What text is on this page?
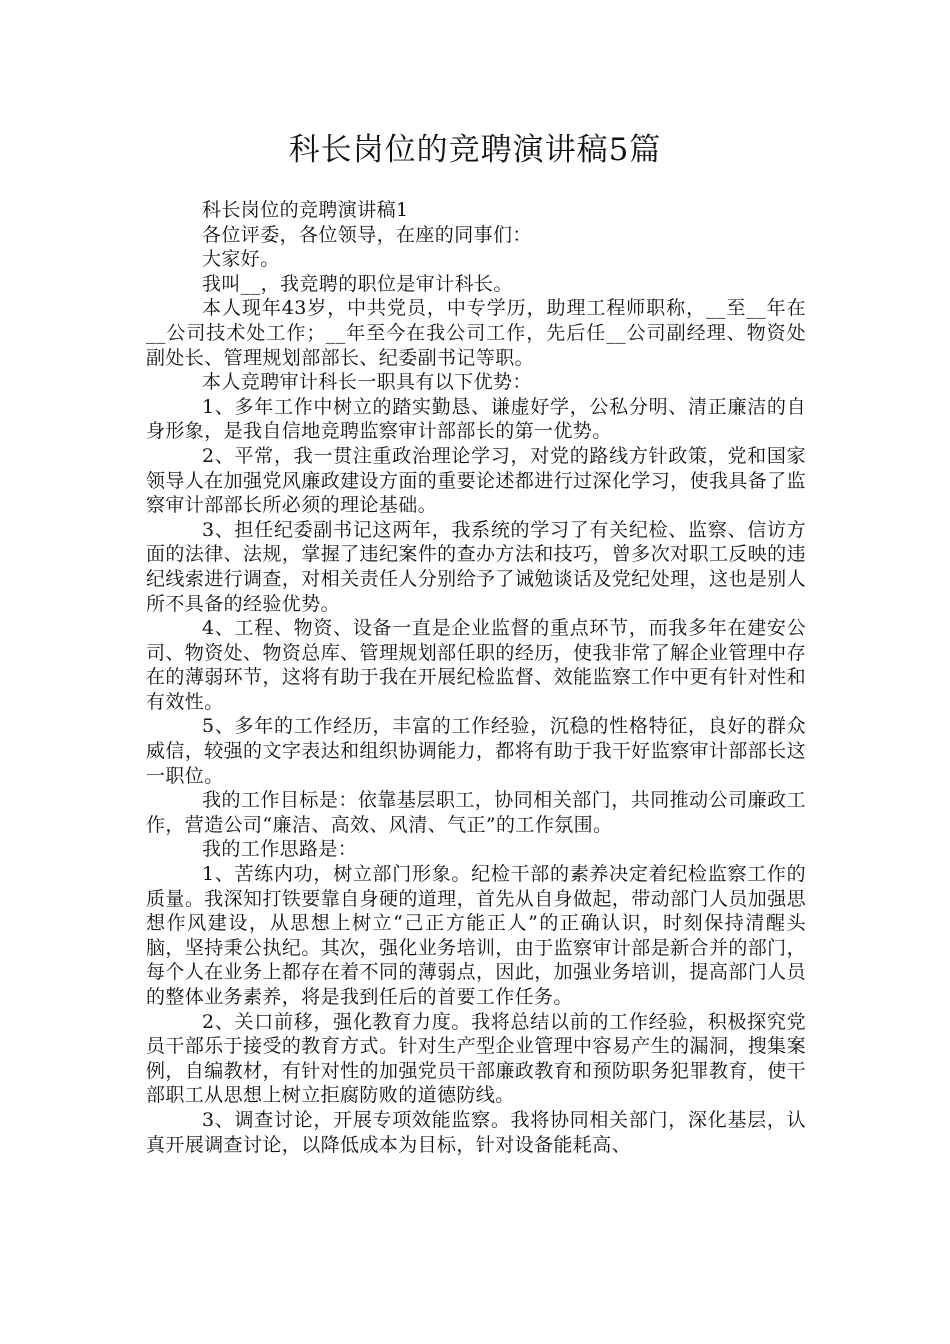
科长岗位的竞聘演讲稿5篇

科长岗位的竞聘演讲稿1

各位评委，各位领导，在座的同事们：

大家好。

我叫__，我竞聘的职位是审计科长。

本人现年43岁，中共党员，中专学历，助理工程师职称，__至__年在__公司技术处工作；__年至今在我公司工作，先后任__公司副经理、物资处副处长、管理规划部部长、纪委副书记等职。

本人竞聘审计科长一职具有以下优势：

1、多年工作中树立的踏实勤恳、谦虚好学，公私分明、清正廉洁的自身形象，是我自信地竞聘监察审计部部长的第一优势。

2、平常，我一贯注重政治理论学习，对党的路线方针政策，党和国家领导人在加强党风廉政建设方面的重要论述都进行过深化学习，使我具备了监察审计部部长所必须的理论基础。

3、担任纪委副书记这两年，我系统的学习了有关纪检、监察、信访方面的法律、法规，掌握了违纪案件的查办方法和技巧，曾多次对职工反映的违纪线索进行调查，对相关责任人分别给予了诫勉谈话及党纪处理，这也是别人所不具备的经验优势。

4、工程、物资、设备一直是企业监督的重点环节，而我多年在建安公司、物资处、物资总库、管理规划部任职的经历，使我非常了解企业管理中存在的薄弱环节，这将有助于我在开展纪检监督、效能监察工作中更有针对性和有效性。

5、多年的工作经历，丰富的工作经验，沉稳的性格特征，良好的群众威信，较强的文字表达和组织协调能力，都将有助于我干好监察审计部部长这一职位。

我的工作目标是：依靠基层职工，协同相关部门，共同推动公司廉政工作，营造公司“廉洁、高效、风清、气正”的工作氛围。

我的工作思路是：

1、苦练内功，树立部门形象。纪检干部的素养决定着纪检监察工作的质量。我深知打铁要靠自身硬的道理，首先从自身做起，带动部门人员加强思想作风建设，从思想上树立“己正方能正人”的正确认识，时刻保持清醒头脑，坚持秉公执纪。其次，强化业务培训，由于监察审计部是新合并的部门，每个人在业务上都存在着不同的薄弱点，因此，加强业务培训，提高部门人员的整体业务素养，将是我到任后的首要工作任务。

2、关口前移，强化教育力度。我将总结以前的工作经验，积极探究党员干部乐于接受的教育方式。针对生产型企业管理中容易产生的漏洞，搜集案例，自编教材，有针对性的加强党员干部廉政教育和预防职务犯罪教育，使干部职工从思想上树立拒腐防败的道德防线。

3、调查讨论，开展专项效能监察。我将协同相关部门，深化基层，认真开展调查讨论，以降低成本为目标，针对设备能耗高、
